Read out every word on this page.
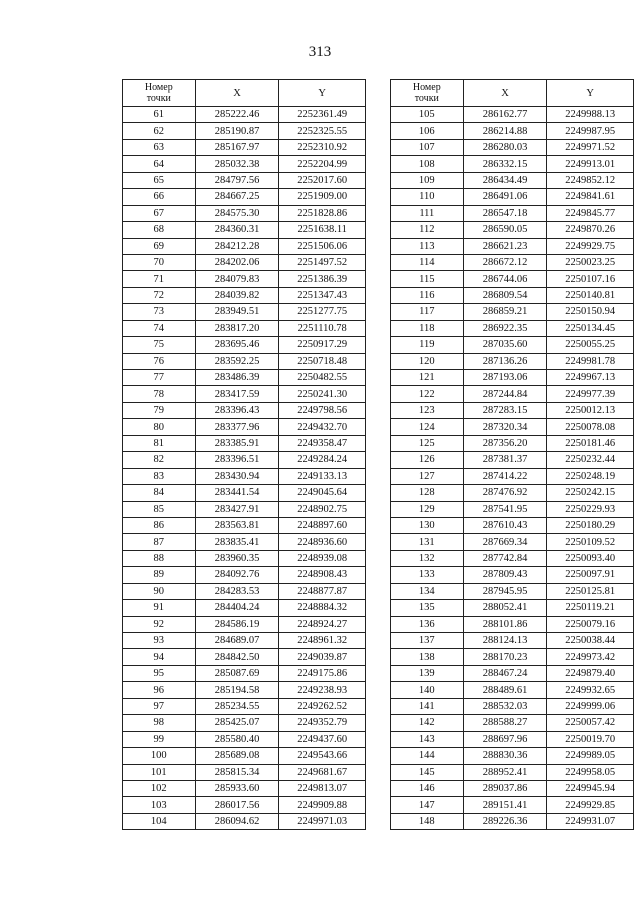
313
Номер
точки	X	Y
61	285222.46	2252361.49
62	285190.87	2252325.55
63	285167.97	2252310.92
64	285032.38	2252204.99
65	284797.56	2252017.60
66	284667.25	2251909.00
67	284575.30	2251828.86
68	284360.31	2251638.11
69	284212.28	2251506.06
70	284202.06	2251497.52
71	284079.83	2251386.39
72	284039.82	2251347.43
73	283949.51	2251277.75
74	283817.20	2251110.78
75	283695.46	2250917.29
76	283592.25	2250718.48
77	283486.39	2250482.55
78	283417.59	2250241.30
79	283396.43	2249798.56
80	283377.96	2249432.70
81	283385.91	2249358.47
82	283396.51	2249284.24
83	283430.94	2249133.13
84	283441.54	2249045.64
85	283427.91	2248902.75
86	283563.81	2248897.60
87	283835.41	2248936.60
88	283960.35	2248939.08
89	284092.76	2248908.43
90	284283.53	2248877.87
91	284404.24	2248884.32
92	284586.19	2248924.27
93	284689.07	2248961.32
94	284842.50	2249039.87
95	285087.69	2249175.86
96	285194.58	2249238.93
97	285234.55	2249262.52
98	285425.07	2249352.79
99	285580.40	2249437.60
100	285689.08	2249543.66
101	285815.34	2249681.67
102	285933.60	2249813.07
103	286017.56	2249909.88
104	286094.62	2249971.03
Номер
точки	X	Y
105	286162.77	2249988.13
106	286214.88	2249987.95
107	286280.03	2249971.52
108	286332.15	2249913.01
109	286434.49	2249852.12
110	286491.06	2249841.61
111	286547.18	2249845.77
112	286590.05	2249870.26
113	286621.23	2249929.75
114	286672.12	2250023.25
115	286744.06	2250107.16
116	286809.54	2250140.81
117	286859.21	2250150.94
118	286922.35	2250134.45
119	287035.60	2250055.25
120	287136.26	2249981.78
121	287193.06	2249967.13
122	287244.84	2249977.39
123	287283.15	2250012.13
124	287320.34	2250078.08
125	287356.20	2250181.46
126	287381.37	2250232.44
127	287414.22	2250248.19
128	287476.92	2250242.15
129	287541.95	2250229.93
130	287610.43	2250180.29
131	287669.34	2250109.52
132	287742.84	2250093.40
133	287809.43	2250097.91
134	287945.95	2250125.81
135	288052.41	2250119.21
136	288101.86	2250079.16
137	288124.13	2250038.44
138	288170.23	2249973.42
139	288467.24	2249879.40
140	288489.61	2249932.65
141	288532.03	2249999.06
142	288588.27	2250057.42
143	288697.96	2250019.70
144	288830.36	2249989.05
145	288952.41	2249958.05
146	289037.86	2249945.94
147	289151.41	2249929.85
148	289226.36	2249931.07
